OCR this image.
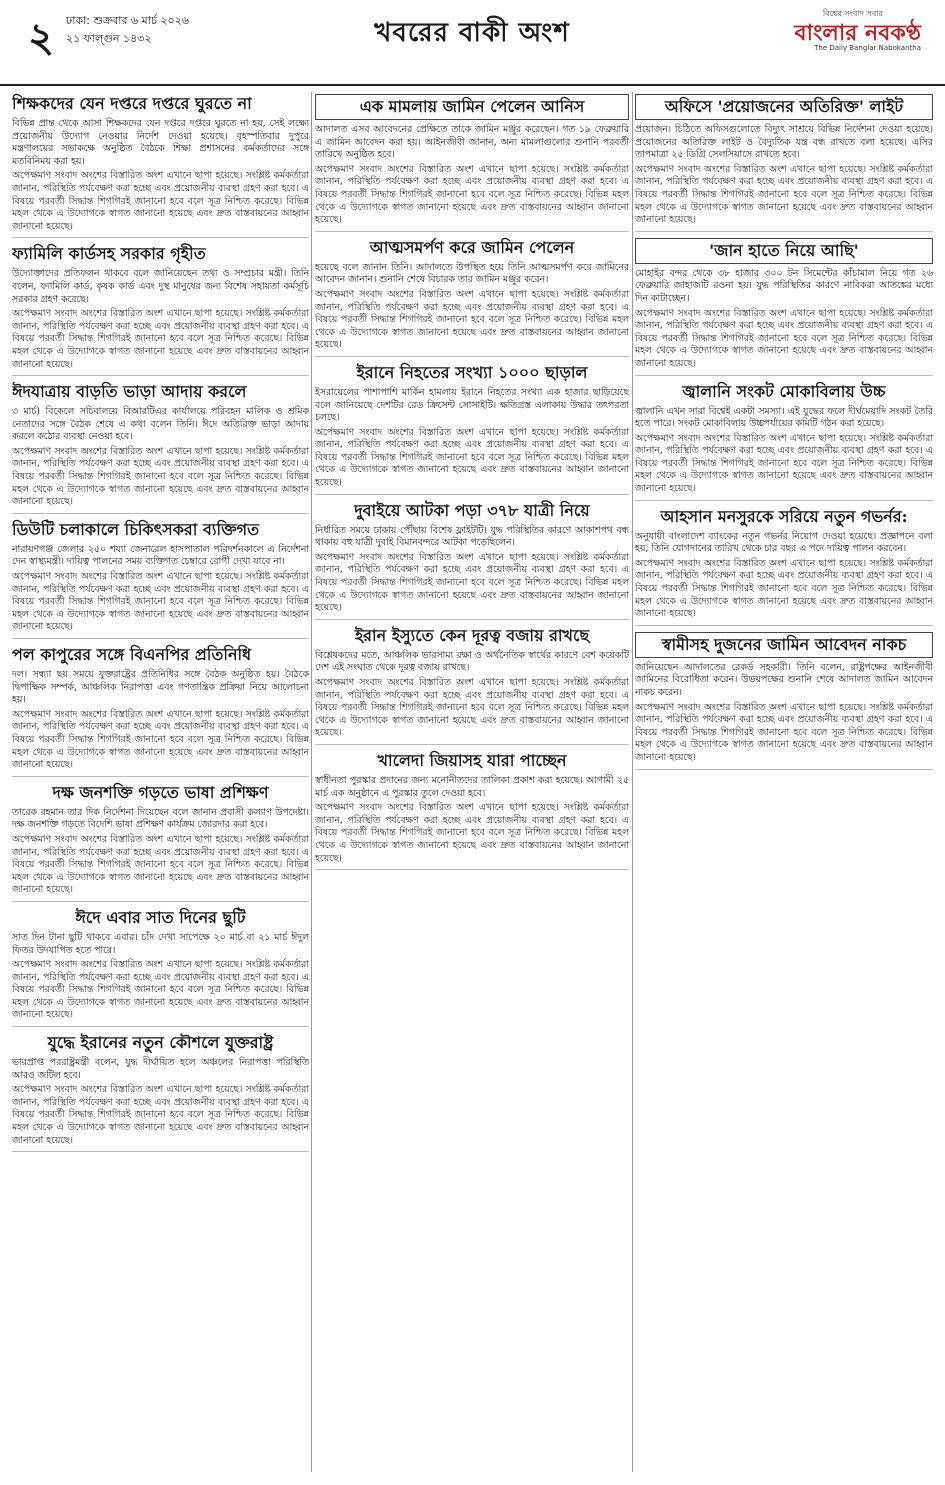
২ ঢাকা: শুক্রবার ৬ মার্চ ২০২৬
২১ ফাল্গুন ১৪৩২	খবরের বাকী অংশ
বিশ্বের সংবাদ সবার
বাংলার নবকণ্ঠ
The Daily Banglar Nabokantha
শিক্ষকদের যেন দপ্তরে দপ্তরে ঘুরতে না

বিভিন্ন প্রান্ত থেকে আসা শিক্ষকদের যেন দপ্তরে দপ্তরে ঘুরতে না হয়, সেই লক্ষ্যে প্রয়োজনীয় উদ্যোগ নেওয়ার নির্দেশ দেওয়া হয়েছে। বৃহস্পতিবার দুপুরে মন্ত্রণালয়ের সভাকক্ষে অনুষ্ঠিত বৈঠকে শিক্ষা প্রশাসনের কর্মকর্তাদের সঙ্গে মতবিনিময় করা হয়।

অপেক্ষমাণ সংবাদ অংশের বিস্তারিত অংশ এখানে ছাপা হয়েছে। সংশ্লিষ্ট কর্মকর্তারা জানান, পরিস্থিতি পর্যবেক্ষণ করা হচ্ছে এবং প্রয়োজনীয় ব্যবস্থা গ্রহণ করা হবে। এ বিষয়ে পরবর্তী সিদ্ধান্ত শিগগিরই জানানো হবে বলে সূত্র নিশ্চিত করেছে। বিভিন্ন মহল থেকে এ উদ্যোগকে স্বাগত জানানো হয়েছে এবং দ্রুত বাস্তবায়নের আহ্বান জানানো হয়েছে।

ফ্যামিলি কার্ডসহ সরকার গৃহীত

উদ্যোক্তাদের প্রতিফলন থাকবে বলে জানিয়েছেন তথ্য ও সম্প্রচার মন্ত্রী। তিনি বলেন, ফ্যামিলি কার্ড, কৃষক কার্ড এবং দুস্থ মানুষের জন্য বিশেষ সহায়তা কর্মসূচি সরকার গ্রহণ করেছে।

অপেক্ষমাণ সংবাদ অংশের বিস্তারিত অংশ এখানে ছাপা হয়েছে। সংশ্লিষ্ট কর্মকর্তারা জানান, পরিস্থিতি পর্যবেক্ষণ করা হচ্ছে এবং প্রয়োজনীয় ব্যবস্থা গ্রহণ করা হবে। এ বিষয়ে পরবর্তী সিদ্ধান্ত শিগগিরই জানানো হবে বলে সূত্র নিশ্চিত করেছে। বিভিন্ন মহল থেকে এ উদ্যোগকে স্বাগত জানানো হয়েছে এবং দ্রুত বাস্তবায়নের আহ্বান জানানো হয়েছে।

ঈদযাত্রায় বাড়তি ভাড়া আদায় করলে

৩ মার্চ) বিকেলে সচিবালয়ে বিআরটিএর কার্যালয়ে পরিবহন মালিক ও শ্রমিক নেতাদের সঙ্গে বৈঠক শেষে এ কথা বলেন তিনি। ঈদে অতিরিক্ত ভাড়া আদায় করলে কঠোর ব্যবস্থা নেওয়া হবে।

অপেক্ষমাণ সংবাদ অংশের বিস্তারিত অংশ এখানে ছাপা হয়েছে। সংশ্লিষ্ট কর্মকর্তারা জানান, পরিস্থিতি পর্যবেক্ষণ করা হচ্ছে এবং প্রয়োজনীয় ব্যবস্থা গ্রহণ করা হবে। এ বিষয়ে পরবর্তী সিদ্ধান্ত শিগগিরই জানানো হবে বলে সূত্র নিশ্চিত করেছে। বিভিন্ন মহল থেকে এ উদ্যোগকে স্বাগত জানানো হয়েছে এবং দ্রুত বাস্তবায়নের আহ্বান জানানো হয়েছে।

ডিউটি চলাকালে চিকিৎসকরা ব্যক্তিগত

নারায়ণগঞ্জ জেলার ২৫০ শয্যা জেনারেল হাসপাতাল পরিদর্শনকালে এ নির্দেশনা দেন স্বাস্থ্যমন্ত্রী। দায়িত্ব পালনের সময় ব্যক্তিগত চেম্বারে রোগী দেখা যাবে না।

অপেক্ষমাণ সংবাদ অংশের বিস্তারিত অংশ এখানে ছাপা হয়েছে। সংশ্লিষ্ট কর্মকর্তারা জানান, পরিস্থিতি পর্যবেক্ষণ করা হচ্ছে এবং প্রয়োজনীয় ব্যবস্থা গ্রহণ করা হবে। এ বিষয়ে পরবর্তী সিদ্ধান্ত শিগগিরই জানানো হবে বলে সূত্র নিশ্চিত করেছে। বিভিন্ন মহল থেকে এ উদ্যোগকে স্বাগত জানানো হয়েছে এবং দ্রুত বাস্তবায়নের আহ্বান জানানো হয়েছে।

পল কাপুরের সঙ্গে বিএনপির প্রতিনিধি

দল। সন্ধ্যা ছয় সময়ে যুক্তরাষ্ট্রের প্রতিনিধির সঙ্গে বৈঠক অনুষ্ঠিত হয়। বৈঠকে দ্বিপাক্ষিক সম্পর্ক, আঞ্চলিক নিরাপত্তা এবং গণতান্ত্রিক প্রক্রিয়া নিয়ে আলোচনা হয়।

অপেক্ষমাণ সংবাদ অংশের বিস্তারিত অংশ এখানে ছাপা হয়েছে। সংশ্লিষ্ট কর্মকর্তারা জানান, পরিস্থিতি পর্যবেক্ষণ করা হচ্ছে এবং প্রয়োজনীয় ব্যবস্থা গ্রহণ করা হবে। এ বিষয়ে পরবর্তী সিদ্ধান্ত শিগগিরই জানানো হবে বলে সূত্র নিশ্চিত করেছে। বিভিন্ন মহল থেকে এ উদ্যোগকে স্বাগত জানানো হয়েছে এবং দ্রুত বাস্তবায়নের আহ্বান জানানো হয়েছে।

দক্ষ জনশক্তি গড়তে ভাষা প্রশিক্ষণ

তারেক রহমান তার দিক নির্দেশনা দিয়েছেন বলে জানান প্রবাসী কল্যাণ উপদেষ্টা। দক্ষ জনশক্তি গড়তে বিদেশি ভাষা প্রশিক্ষণ কার্যক্রম জোরদার করা হবে।

অপেক্ষমাণ সংবাদ অংশের বিস্তারিত অংশ এখানে ছাপা হয়েছে। সংশ্লিষ্ট কর্মকর্তারা জানান, পরিস্থিতি পর্যবেক্ষণ করা হচ্ছে এবং প্রয়োজনীয় ব্যবস্থা গ্রহণ করা হবে। এ বিষয়ে পরবর্তী সিদ্ধান্ত শিগগিরই জানানো হবে বলে সূত্র নিশ্চিত করেছে। বিভিন্ন মহল থেকে এ উদ্যোগকে স্বাগত জানানো হয়েছে এবং দ্রুত বাস্তবায়নের আহ্বান জানানো হয়েছে।

ঈদে এবার সাত দিনের ছুটি

সাত দিন টানা ছুটি থাকবে এবার। চাঁদ দেখা সাপেক্ষে ২০ মার্চ বা ২১ মার্চ ঈদুল ফিতর উদযাপিত হতে পারে।

অপেক্ষমাণ সংবাদ অংশের বিস্তারিত অংশ এখানে ছাপা হয়েছে। সংশ্লিষ্ট কর্মকর্তারা জানান, পরিস্থিতি পর্যবেক্ষণ করা হচ্ছে এবং প্রয়োজনীয় ব্যবস্থা গ্রহণ করা হবে। এ বিষয়ে পরবর্তী সিদ্ধান্ত শিগগিরই জানানো হবে বলে সূত্র নিশ্চিত করেছে। বিভিন্ন মহল থেকে এ উদ্যোগকে স্বাগত জানানো হয়েছে এবং দ্রুত বাস্তবায়নের আহ্বান জানানো হয়েছে।

যুদ্ধে ইরানের নতুন কৌশলে যুক্তরাষ্ট্র

ভারপ্রাপ্ত পররাষ্ট্রমন্ত্রী বলেন, যুদ্ধ দীর্ঘায়িত হলে অঞ্চলের নিরাপত্তা পরিস্থিতি আরও জটিল হবে।

অপেক্ষমাণ সংবাদ অংশের বিস্তারিত অংশ এখানে ছাপা হয়েছে। সংশ্লিষ্ট কর্মকর্তারা জানান, পরিস্থিতি পর্যবেক্ষণ করা হচ্ছে এবং প্রয়োজনীয় ব্যবস্থা গ্রহণ করা হবে। এ বিষয়ে পরবর্তী সিদ্ধান্ত শিগগিরই জানানো হবে বলে সূত্র নিশ্চিত করেছে। বিভিন্ন মহল থেকে এ উদ্যোগকে স্বাগত জানানো হয়েছে এবং দ্রুত বাস্তবায়নের আহ্বান জানানো হয়েছে।

এক মামলায় জামিন পেলেন আনিস

আদালত এসব আবেদনের প্রেক্ষিতে তাকে জামিন মঞ্জুর করেছেন। গত ১৯ ফেব্রুয়ারি এ জামিন আবেদন করা হয়। আইনজীবী জানান, অন্য মামলাগুলোর শুনানি পরবর্তী তারিখে অনুষ্ঠিত হবে।

অপেক্ষমাণ সংবাদ অংশের বিস্তারিত অংশ এখানে ছাপা হয়েছে। সংশ্লিষ্ট কর্মকর্তারা জানান, পরিস্থিতি পর্যবেক্ষণ করা হচ্ছে এবং প্রয়োজনীয় ব্যবস্থা গ্রহণ করা হবে। এ বিষয়ে পরবর্তী সিদ্ধান্ত শিগগিরই জানানো হবে বলে সূত্র নিশ্চিত করেছে। বিভিন্ন মহল থেকে এ উদ্যোগকে স্বাগত জানানো হয়েছে এবং দ্রুত বাস্তবায়নের আহ্বান জানানো হয়েছে।

আত্মসমর্পণ করে জামিন পেলেন

হয়েছে বলে জানান তিনি। আদালতে উপস্থিত হয়ে তিনি আত্মসমর্পণ করে জামিনের আবেদন জানান। শুনানি শেষে বিচারক তার জামিন মঞ্জুর করেন।

অপেক্ষমাণ সংবাদ অংশের বিস্তারিত অংশ এখানে ছাপা হয়েছে। সংশ্লিষ্ট কর্মকর্তারা জানান, পরিস্থিতি পর্যবেক্ষণ করা হচ্ছে এবং প্রয়োজনীয় ব্যবস্থা গ্রহণ করা হবে। এ বিষয়ে পরবর্তী সিদ্ধান্ত শিগগিরই জানানো হবে বলে সূত্র নিশ্চিত করেছে। বিভিন্ন মহল থেকে এ উদ্যোগকে স্বাগত জানানো হয়েছে এবং দ্রুত বাস্তবায়নের আহ্বান জানানো হয়েছে।

ইরানে নিহতের সংখ্যা ১০০০ ছাড়াল

ইসরায়েলের পাশাপাশি মার্কিন হামলায় ইরানে নিহতের সংখ্যা এক হাজার ছাড়িয়েছে বলে জানিয়েছে দেশটির রেড ক্রিসেন্ট সোসাইটি। ক্ষতিগ্রস্ত এলাকায় উদ্ধার তৎপরতা চলছে।

অপেক্ষমাণ সংবাদ অংশের বিস্তারিত অংশ এখানে ছাপা হয়েছে। সংশ্লিষ্ট কর্মকর্তারা জানান, পরিস্থিতি পর্যবেক্ষণ করা হচ্ছে এবং প্রয়োজনীয় ব্যবস্থা গ্রহণ করা হবে। এ বিষয়ে পরবর্তী সিদ্ধান্ত শিগগিরই জানানো হবে বলে সূত্র নিশ্চিত করেছে। বিভিন্ন মহল থেকে এ উদ্যোগকে স্বাগত জানানো হয়েছে এবং দ্রুত বাস্তবায়নের আহ্বান জানানো হয়েছে।

দুবাইয়ে আটকা পড়া ৩৭৮ যাত্রী নিয়ে

নির্ধারিত সময়ে ঢাকায় পৌঁছায় বিশেষ ফ্লাইটটি। যুদ্ধ পরিস্থিতির কারণে আকাশপথ বন্ধ থাকায় বহু যাত্রী দুবাই বিমানবন্দরে আটকা পড়েছিলেন।

অপেক্ষমাণ সংবাদ অংশের বিস্তারিত অংশ এখানে ছাপা হয়েছে। সংশ্লিষ্ট কর্মকর্তারা জানান, পরিস্থিতি পর্যবেক্ষণ করা হচ্ছে এবং প্রয়োজনীয় ব্যবস্থা গ্রহণ করা হবে। এ বিষয়ে পরবর্তী সিদ্ধান্ত শিগগিরই জানানো হবে বলে সূত্র নিশ্চিত করেছে। বিভিন্ন মহল থেকে এ উদ্যোগকে স্বাগত জানানো হয়েছে এবং দ্রুত বাস্তবায়নের আহ্বান জানানো হয়েছে।

ইরান ইস্যুতে কেন দূরত্ব বজায় রাখছে

বিশ্লেষকদের মতে, আঞ্চলিক ভারসাম্য রক্ষা ও অর্থনৈতিক স্বার্থের কারণে বেশ কয়েকটি দেশ এই সংঘাত থেকে দূরত্ব বজায় রাখছে।

অপেক্ষমাণ সংবাদ অংশের বিস্তারিত অংশ এখানে ছাপা হয়েছে। সংশ্লিষ্ট কর্মকর্তারা জানান, পরিস্থিতি পর্যবেক্ষণ করা হচ্ছে এবং প্রয়োজনীয় ব্যবস্থা গ্রহণ করা হবে। এ বিষয়ে পরবর্তী সিদ্ধান্ত শিগগিরই জানানো হবে বলে সূত্র নিশ্চিত করেছে। বিভিন্ন মহল থেকে এ উদ্যোগকে স্বাগত জানানো হয়েছে এবং দ্রুত বাস্তবায়নের আহ্বান জানানো হয়েছে।

খালেদা জিয়াসহ যারা পাচ্ছেন

স্বাধীনতা পুরস্কার প্রদানের জন্য মনোনীতদের তালিকা প্রকাশ করা হয়েছে। আগামী ২৫ মার্চ এক অনুষ্ঠানে এ পুরস্কার তুলে দেওয়া হবে।

অপেক্ষমাণ সংবাদ অংশের বিস্তারিত অংশ এখানে ছাপা হয়েছে। সংশ্লিষ্ট কর্মকর্তারা জানান, পরিস্থিতি পর্যবেক্ষণ করা হচ্ছে এবং প্রয়োজনীয় ব্যবস্থা গ্রহণ করা হবে। এ বিষয়ে পরবর্তী সিদ্ধান্ত শিগগিরই জানানো হবে বলে সূত্র নিশ্চিত করেছে। বিভিন্ন মহল থেকে এ উদ্যোগকে স্বাগত জানানো হয়েছে এবং দ্রুত বাস্তবায়নের আহ্বান জানানো হয়েছে।

অফিসে 'প্রয়োজনের অতিরিক্ত' লাইট

প্রয়োজন। চিঠিতে অফিসগুলোতে বিদ্যুৎ সাশ্রয়ে বিভিন্ন নির্দেশনা দেওয়া হয়েছে। প্রয়োজনের অতিরিক্ত লাইট ও বৈদ্যুতিক যন্ত্র বন্ধ রাখতে বলা হয়েছে। এসির তাপমাত্রা ২৫ ডিগ্রি সেলসিয়াসে রাখতে হবে।

অপেক্ষমাণ সংবাদ অংশের বিস্তারিত অংশ এখানে ছাপা হয়েছে। সংশ্লিষ্ট কর্মকর্তারা জানান, পরিস্থিতি পর্যবেক্ষণ করা হচ্ছে এবং প্রয়োজনীয় ব্যবস্থা গ্রহণ করা হবে। এ বিষয়ে পরবর্তী সিদ্ধান্ত শিগগিরই জানানো হবে বলে সূত্র নিশ্চিত করেছে। বিভিন্ন মহল থেকে এ উদ্যোগকে স্বাগত জানানো হয়েছে এবং দ্রুত বাস্তবায়নের আহ্বান জানানো হয়েছে।

'জান হাতে নিয়ে আছি'

মোহাইর বন্দর থেকে ৩৮ হাজার ৩০০ টন সিমেন্টের কাঁচামাল নিয়ে গত ২৬ ফেব্রুয়ারি জাহাজটি রওনা হয়। যুদ্ধ পরিস্থিতির কারণে নাবিকরা আতঙ্কের মধ্যে দিন কাটাচ্ছেন।

অপেক্ষমাণ সংবাদ অংশের বিস্তারিত অংশ এখানে ছাপা হয়েছে। সংশ্লিষ্ট কর্মকর্তারা জানান, পরিস্থিতি পর্যবেক্ষণ করা হচ্ছে এবং প্রয়োজনীয় ব্যবস্থা গ্রহণ করা হবে। এ বিষয়ে পরবর্তী সিদ্ধান্ত শিগগিরই জানানো হবে বলে সূত্র নিশ্চিত করেছে। বিভিন্ন মহল থেকে এ উদ্যোগকে স্বাগত জানানো হয়েছে এবং দ্রুত বাস্তবায়নের আহ্বান জানানো হয়েছে।

জ্বালানি সংকট মোকাবিলায় উচ্চ

জ্বালানি এখন সারা বিশ্বেই একটা সমস্যা। এই যুদ্ধের ফলে দীর্ঘমেয়াদি সংকট তৈরি হতে পারে। সংকট মোকাবিলায় উচ্চপর্যায়ের কমিটি গঠন করা হয়েছে।

অপেক্ষমাণ সংবাদ অংশের বিস্তারিত অংশ এখানে ছাপা হয়েছে। সংশ্লিষ্ট কর্মকর্তারা জানান, পরিস্থিতি পর্যবেক্ষণ করা হচ্ছে এবং প্রয়োজনীয় ব্যবস্থা গ্রহণ করা হবে। এ বিষয়ে পরবর্তী সিদ্ধান্ত শিগগিরই জানানো হবে বলে সূত্র নিশ্চিত করেছে। বিভিন্ন মহল থেকে এ উদ্যোগকে স্বাগত জানানো হয়েছে এবং দ্রুত বাস্তবায়নের আহ্বান জানানো হয়েছে।

আহসান মনসুরকে সরিয়ে নতুন গভর্নর:

অনুযায়ী বাংলাদেশ ব্যাংকের নতুন গভর্নর নিয়োগ দেওয়া হয়েছে। প্রজ্ঞাপনে বলা হয়, তিনি যোগদানের তারিখ থেকে চার বছর এ পদে দায়িত্ব পালন করবেন।

অপেক্ষমাণ সংবাদ অংশের বিস্তারিত অংশ এখানে ছাপা হয়েছে। সংশ্লিষ্ট কর্মকর্তারা জানান, পরিস্থিতি পর্যবেক্ষণ করা হচ্ছে এবং প্রয়োজনীয় ব্যবস্থা গ্রহণ করা হবে। এ বিষয়ে পরবর্তী সিদ্ধান্ত শিগগিরই জানানো হবে বলে সূত্র নিশ্চিত করেছে। বিভিন্ন মহল থেকে এ উদ্যোগকে স্বাগত জানানো হয়েছে এবং দ্রুত বাস্তবায়নের আহ্বান জানানো হয়েছে।

স্বামীসহ দুজনের জামিন আবেদন নাকচ

জানিয়েছেন আদালতের রেকর্ড সহকারী। তিনি বলেন, রাষ্ট্রপক্ষের আইনজীবী জামিনের বিরোধিতা করেন। উভয়পক্ষের শুনানি শেষে আদালত জামিন আবেদন নাকচ করেন।

অপেক্ষমাণ সংবাদ অংশের বিস্তারিত অংশ এখানে ছাপা হয়েছে। সংশ্লিষ্ট কর্মকর্তারা জানান, পরিস্থিতি পর্যবেক্ষণ করা হচ্ছে এবং প্রয়োজনীয় ব্যবস্থা গ্রহণ করা হবে। এ বিষয়ে পরবর্তী সিদ্ধান্ত শিগগিরই জানানো হবে বলে সূত্র নিশ্চিত করেছে। বিভিন্ন মহল থেকে এ উদ্যোগকে স্বাগত জানানো হয়েছে এবং দ্রুত বাস্তবায়নের আহ্বান জানানো হয়েছে।
